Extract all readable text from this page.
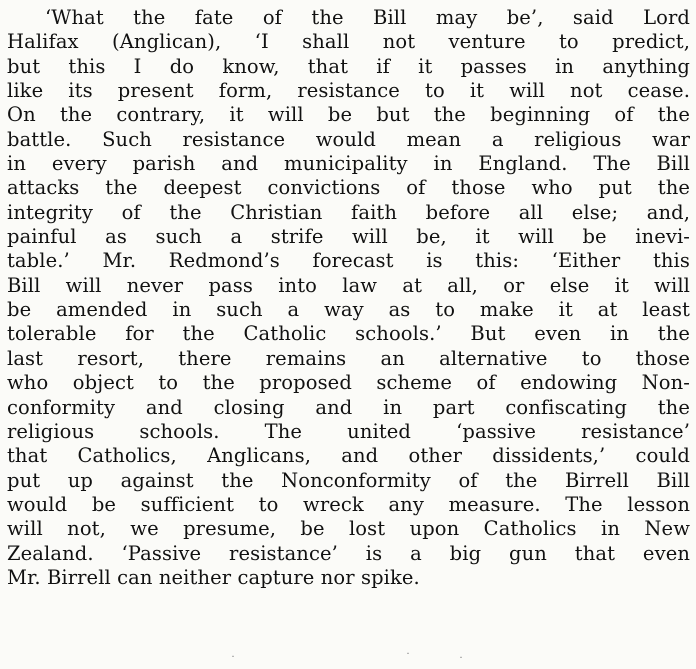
‘What the fate of the Bill may be’, said Lord
Halifax (Anglican), ‘I shall not venture to predict,
but this I do know, that if it passes in anything
like its present form, resistance to it will not cease.
On the contrary, it will be but the beginning of the
battle. Such resistance would mean a religious war
in every parish and municipality in England. The Bill
attacks the deepest convictions of those who put the
integrity of the Christian faith before all else; and,
painful as such a strife will be, it will be inevi-
table.’ Mr. Redmond’s forecast is this: ‘Either this
Bill will never pass into law at all, or else it will
be amended in such a way as to make it at least
tolerable for the Catholic schools.’ But even in the
last resort, there remains an alternative to those
who object to the proposed scheme of endowing Non-
conformity and closing and in part confiscating the
religious schools. The united ‘passive resistance’
that Catholics, Anglicans, and other dissidents,’ could
put up against the Nonconformity of the Birrell Bill
would be sufficient to wreck any measure. The lesson
will not, we presume, be lost upon Catholics in New
Zealand. ‘Passive resistance’ is a big gun that even
Mr. Birrell can neither capture nor spike.
˙	˙	˙
